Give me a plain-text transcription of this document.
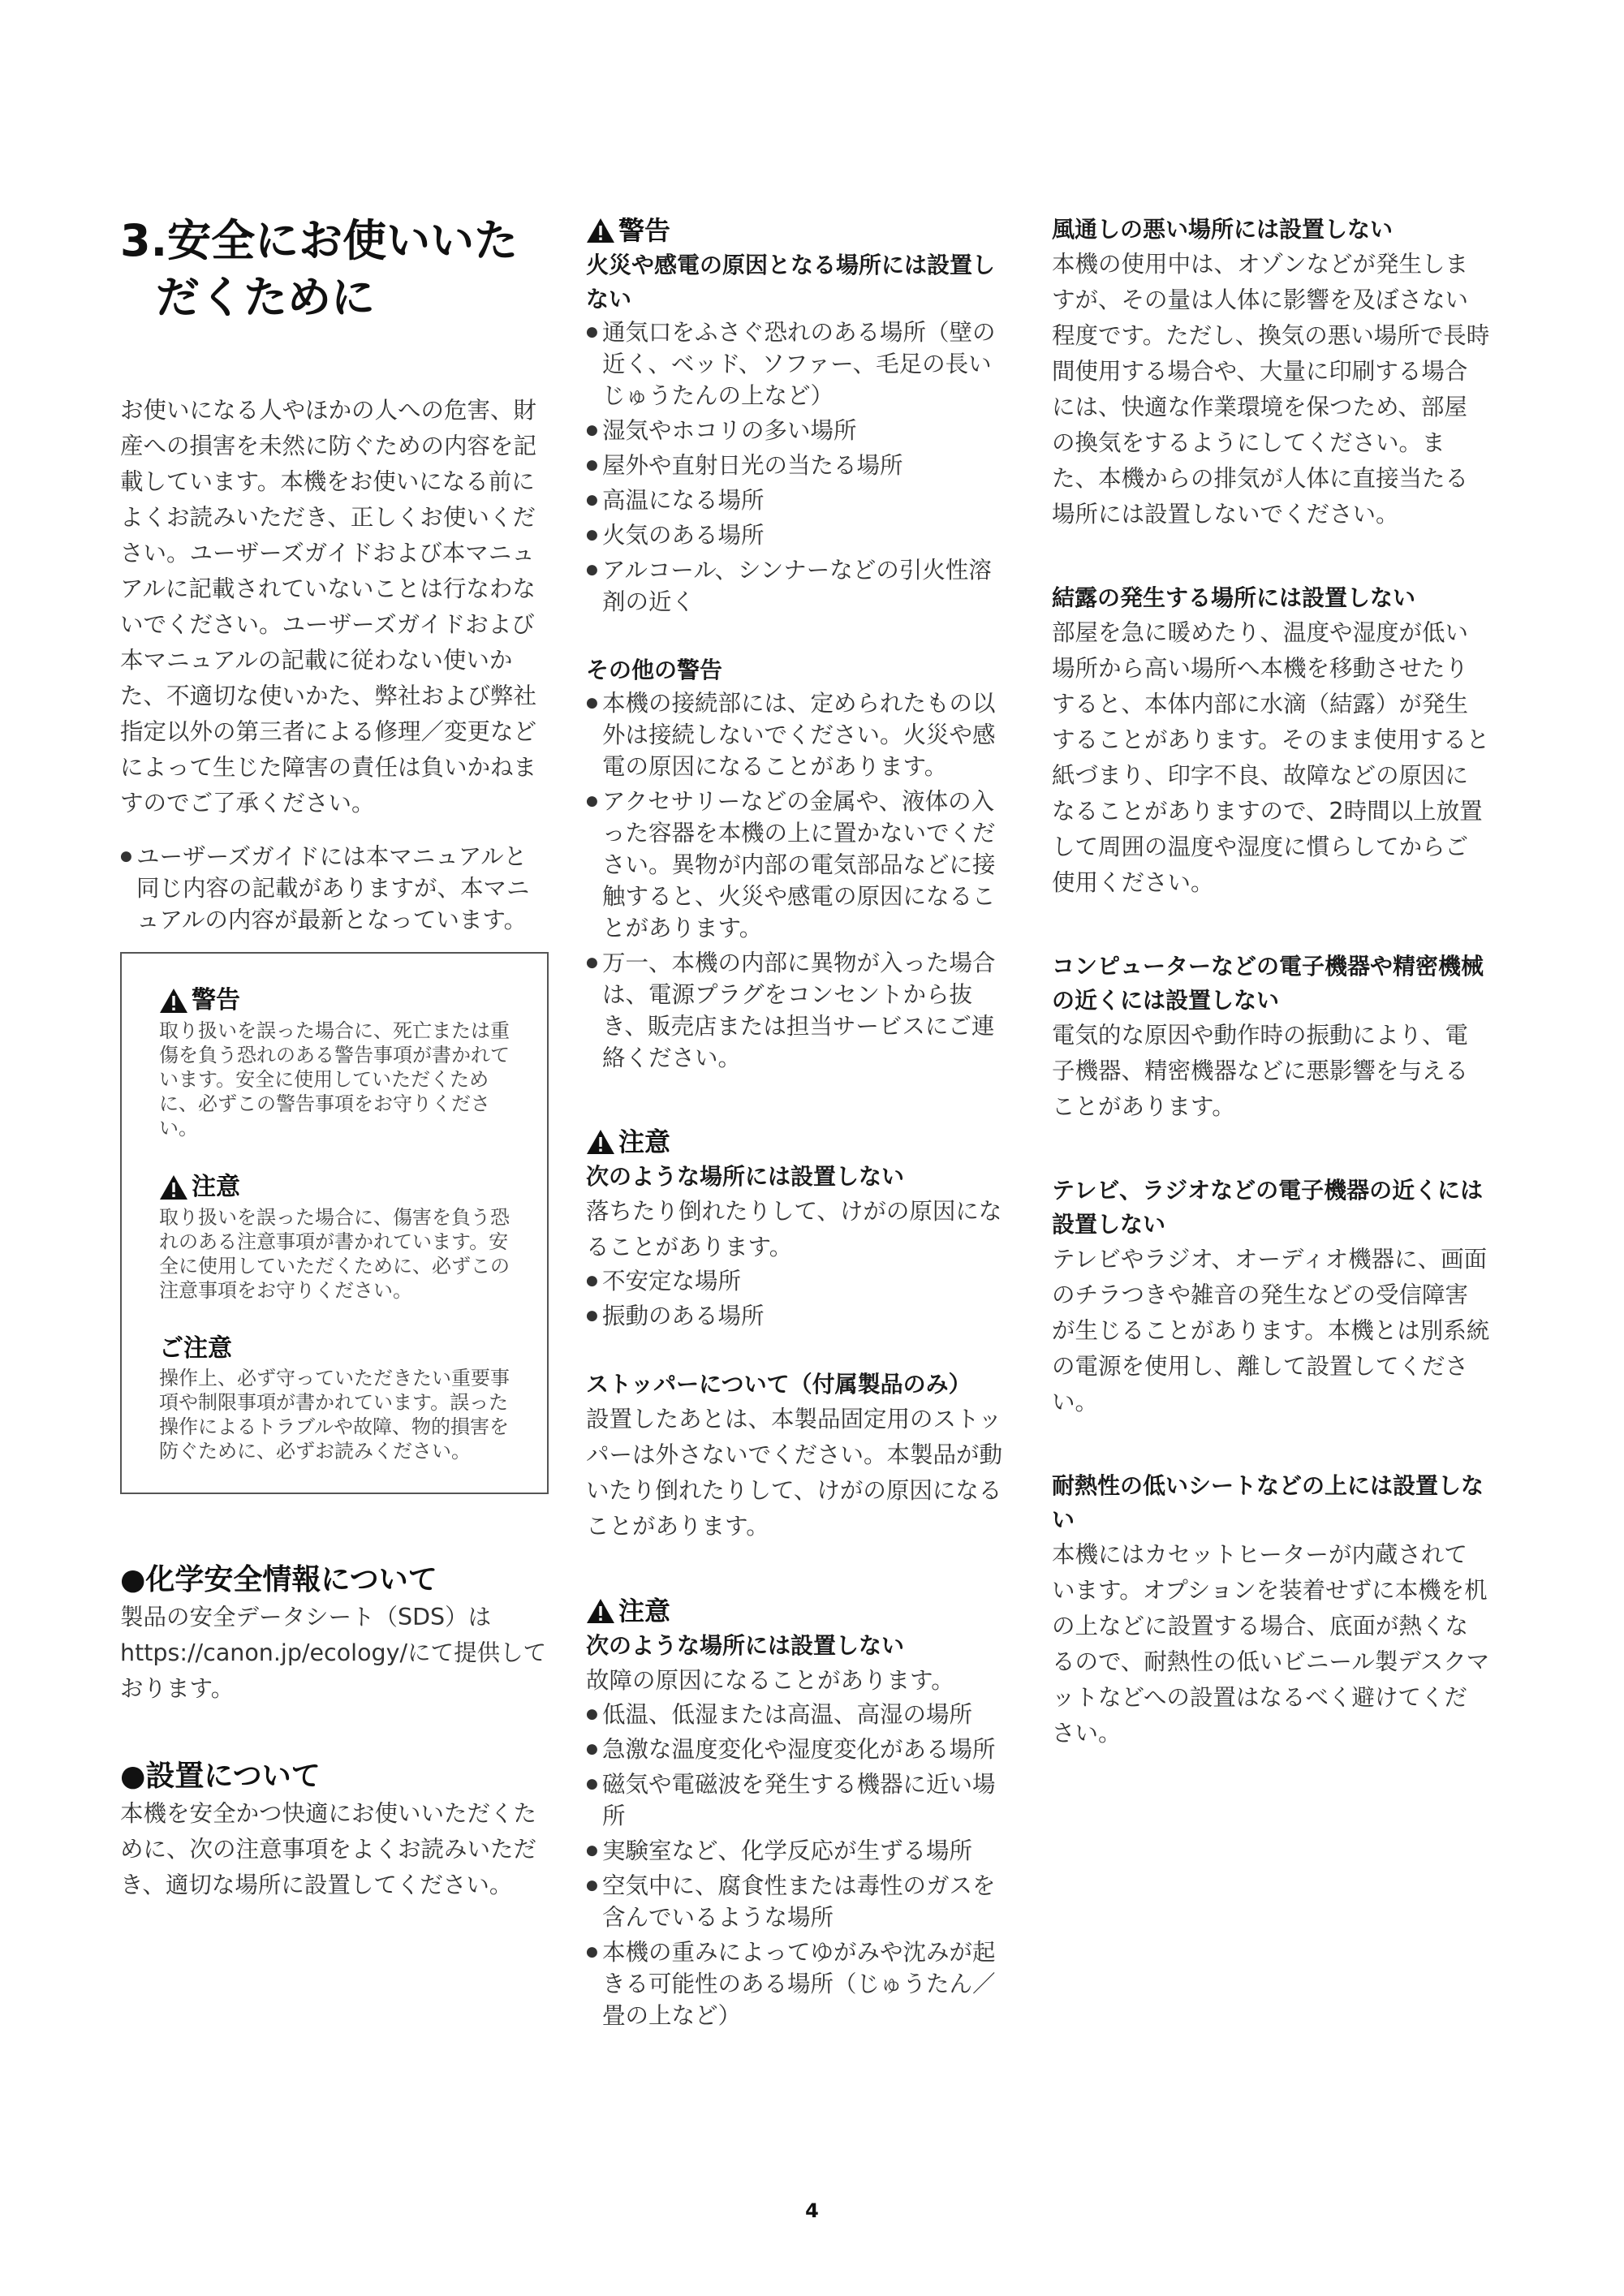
3.安全にお使いいた
だくために

お使いになる人やほかの人への危害、財産への損害を未然に防ぐための内容を記載しています。本機をお使いになる前によくお読みいただき、正しくお使いください。ユーザーズガイドおよび本マニュアルに記載されていないことは行なわないでください。ユーザーズガイドおよび本マニュアルの記載に従わない使いかた、不適切な使いかた、弊社および弊社指定以外の第三者による修理／変更などによって生じた障害の責任は負いかねますのでご了承ください。

● ユーザーズガイドには本マニュアルと同じ内容の記載がありますが、本マニュアルの内容が最新となっています。
警告

取り扱いを誤った場合に、死亡または重傷を負う恐れのある警告事項が書かれています。安全に使用していただくために、必ずこの警告事項をお守りください。

注意

取り扱いを誤った場合に、傷害を負う恐れのある注意事項が書かれています。安全に使用していただくために、必ずこの注意事項をお守りください。

ご注意

操作上、必ず守っていただきたい重要事項や制限事項が書かれています。誤った操作によるトラブルや故障、物的損害を防ぐために、必ずお読みください。

●化学安全情報について

製品の安全データシート（SDS）は https://canon.jp/ecology/にて提供しております。

●設置について

本機を安全かつ快適にお使いいただくために、次の注意事項をよくお読みいただき、適切な場所に設置してください。

警告
火災や感電の原因となる場所には設置しない
● 通気口をふさぐ恐れのある場所（壁の近く、ベッド、ソファー、毛足の長いじゅうたんの上など）
● 湿気やホコリの多い場所
● 屋外や直射日光の当たる場所
● 高温になる場所
● 火気のある場所
● アルコール、シンナーなどの引火性溶剤の近く
その他の警告
● 本機の接続部には、定められたもの以外は接続しないでください。火災や感電の原因になることがあります。
● アクセサリーなどの金属や、液体の入った容器を本機の上に置かないでください。異物が内部の電気部品などに接触すると、火災や感電の原因になることがあります。
● 万一、本機の内部に異物が入った場合は、電源プラグをコンセントから抜き、販売店または担当サービスにご連絡ください。
注意
次のような場所には設置しない

落ちたり倒れたりして、けがの原因になることがあります。

● 不安定な場所
● 振動のある場所
ストッパーについて（付属製品のみ）

設置したあとは、本製品固定用のストッパーは外さないでください。本製品が動いたり倒れたりして、けがの原因になることがあります。

注意
次のような場所には設置しない

故障の原因になることがあります。

● 低温、低湿または高温、高湿の場所
● 急激な温度変化や湿度変化がある場所
● 磁気や電磁波を発生する機器に近い場所
● 実験室など、化学反応が生ずる場所
● 空気中に、腐食性または毒性のガスを含んでいるような場所
● 本機の重みによってゆがみや沈みが起きる可能性のある場所（じゅうたん／畳の上など）
風通しの悪い場所には設置しない

本機の使用中は、オゾンなどが発生しますが、その量は人体に影響を及ぼさない程度です。ただし、換気の悪い場所で長時間使用する場合や、大量に印刷する場合には、快適な作業環境を保つため、部屋の換気をするようにしてください。また、本機からの排気が人体に直接当たる場所には設置しないでください。

結露の発生する場所には設置しない

部屋を急に暖めたり、温度や湿度が低い場所から高い場所へ本機を移動させたりすると、本体内部に水滴（結露）が発生することがあります。そのまま使用すると紙づまり、印字不良、故障などの原因になることがありますので、2時間以上放置して周囲の温度や湿度に慣らしてからご使用ください。

コンピューターなどの電子機器や精密機械の近くには設置しない

電気的な原因や動作時の振動により、電子機器、精密機器などに悪影響を与えることがあります。

テレビ、ラジオなどの電子機器の近くには設置しない

テレビやラジオ、オーディオ機器に、画面のチラつきや雑音の発生などの受信障害が生じることがあります。本機とは別系統の電源を使用し、離して設置してください。

耐熱性の低いシートなどの上には設置しない

本機にはカセットヒーターが内蔵されています。オプションを装着せずに本機を机の上などに設置する場合、底面が熱くなるので、耐熱性の低いビニール製デスクマットなどへの設置はなるべく避けてください。

4
